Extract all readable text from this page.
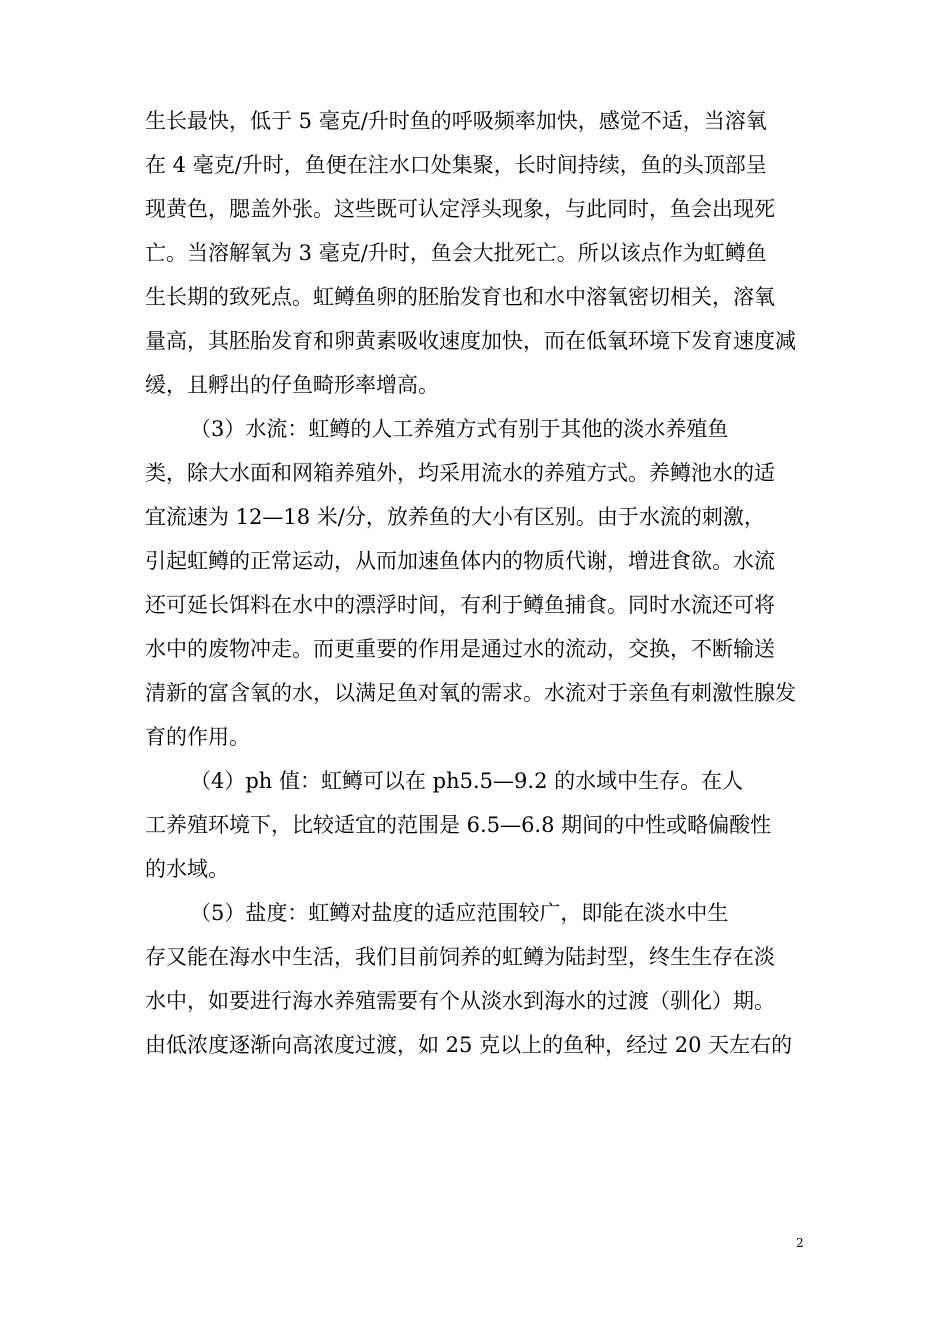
生长最快，低于 5 毫克/升时鱼的呼吸频率加快，感觉不适，当溶氧
在 4 毫克/升时，鱼便在注水口处集聚，长时间持续，鱼的头顶部呈
现黄色，腮盖外张。这些既可认定浮头现象，与此同时，鱼会出现死
亡。当溶解氧为 3 毫克/升时，鱼会大批死亡。所以该点作为虹鳟鱼
生长期的致死点。虹鳟鱼卵的胚胎发育也和水中溶氧密切相关，溶氧
量高，其胚胎发育和卵黄素吸收速度加快，而在低氧环境下发育速度减
缓，且孵出的仔鱼畸形率增高。
（3）水流：虹鳟的人工养殖方式有别于其他的淡水养殖鱼
类，除大水面和网箱养殖外，均采用流水的养殖方式。养鳟池水的适
宜流速为 12—18 米/分，放养鱼的大小有区别。由于水流的刺激，
引起虹鳟的正常运动，从而加速鱼体内的物质代谢，增进食欲。水流
还可延长饵料在水中的漂浮时间，有利于鳟鱼捕食。同时水流还可将
水中的废物冲走。而更重要的作用是通过水的流动，交换，不断输送
清新的富含氧的水，以满足鱼对氧的需求。水流对于亲鱼有刺激性腺发
育的作用。
（4）ph 值：虹鳟可以在 ph5.5—9.2 的水域中生存。在人
工养殖环境下，比较适宜的范围是 6.5—6.8 期间的中性或略偏酸性
的水域。
（5）盐度：虹鳟对盐度的适应范围较广，即能在淡水中生
存又能在海水中生活，我们目前饲养的虹鳟为陆封型，终生生存在淡
水中，如要进行海水养殖需要有个从淡水到海水的过渡（驯化）期。
由低浓度逐渐向高浓度过渡，如 25 克以上的鱼种，经过 20 天左右的
2
